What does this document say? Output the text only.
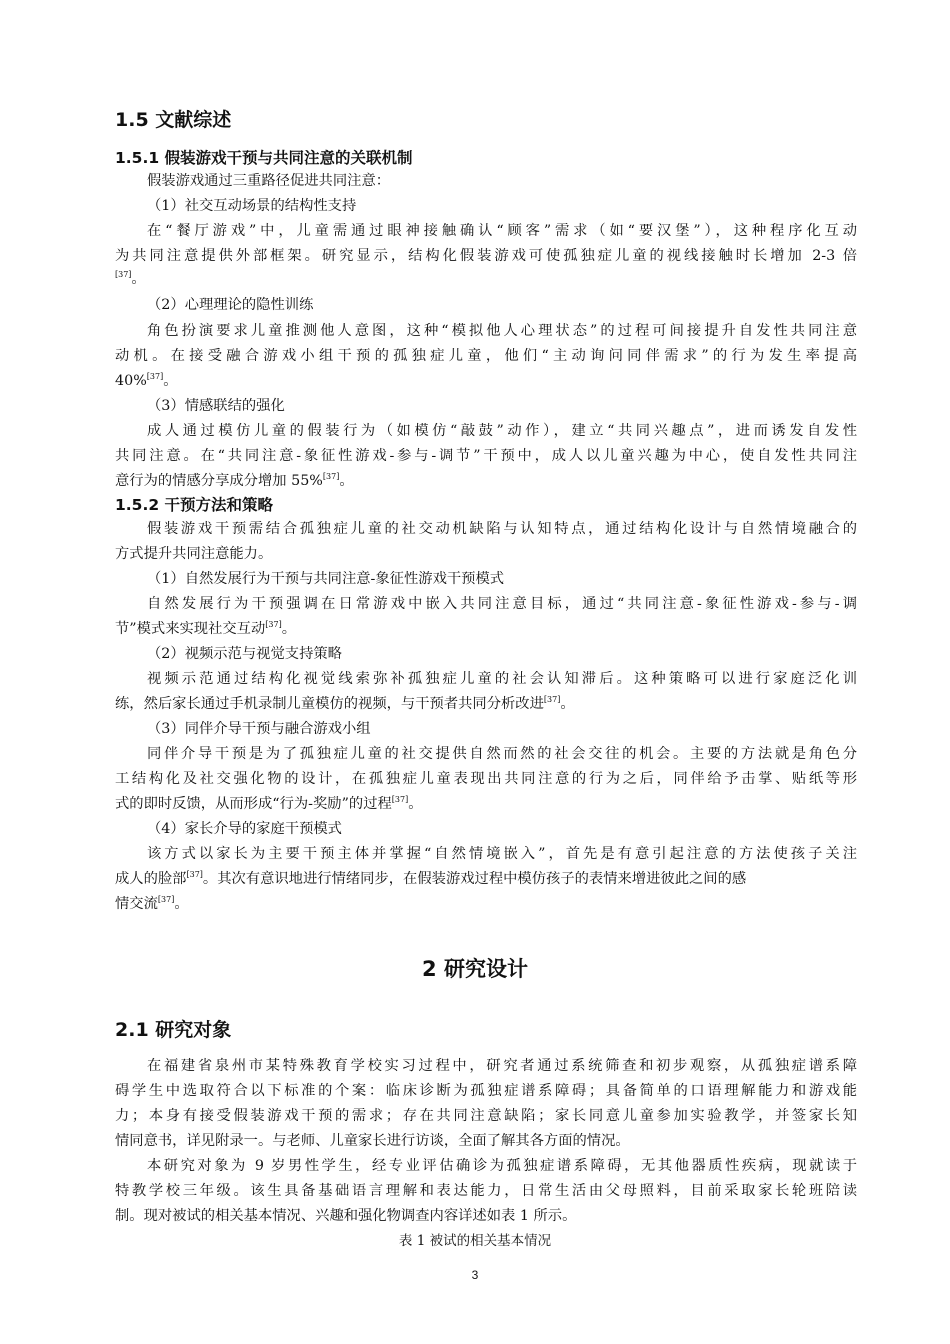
1.5 文献综述
1.5.1 假装游戏干预与共同注意的关联机制
假装游戏通过三重路径促进共同注意：
（1）社交互动场景的结构性支持
在“餐厅游戏”中，儿童需通过眼神接触确认“顾客”需求（如“要汉堡”），这种程序化互动
为共同注意提供外部框架。研究显示，结构化假装游戏可使孤独症儿童的视线接触时长增加 2-3 倍
[37]。
（2）心理理论的隐性训练
角色扮演要求儿童推测他人意图，这种“模拟他人心理状态”的过程可间接提升自发性共同注意
动机。在接受融合游戏小组干预的孤独症儿童，他们“主动询问同伴需求”的行为发生率提高
40%[37]。
（3）情感联结的强化
成人通过模仿儿童的假装行为（如模仿“敲鼓”动作），建立“共同兴趣点”，进而诱发自发性
共同注意。在“共同注意-象征性游戏-参与-调节”干预中，成人以儿童兴趣为中心，使自发性共同注
意行为的情感分享成分增加 55%[37]。
1.5.2 干预方法和策略
假装游戏干预需结合孤独症儿童的社交动机缺陷与认知特点，通过结构化设计与自然情境融合的
方式提升共同注意能力。
（1）自然发展行为干预与共同注意-象征性游戏干预模式
自然发展行为干预强调在日常游戏中嵌入共同注意目标，通过“共同注意-象征性游戏-参与-调
节”模式来实现社交互动[37]。
（2）视频示范与视觉支持策略
视频示范通过结构化视觉线索弥补孤独症儿童的社会认知滞后。这种策略可以进行家庭泛化训
练，然后家长通过手机录制儿童模仿的视频，与干预者共同分析改进[37]。
（3）同伴介导干预与融合游戏小组
同伴介导干预是为了孤独症儿童的社交提供自然而然的社会交往的机会。主要的方法就是角色分
工结构化及社交强化物的设计，在孤独症儿童表现出共同注意的行为之后，同伴给予击掌、贴纸等形
式的即时反馈，从而形成“行为-奖励”的过程[37]。
（4）家长介导的家庭干预模式
该方式以家长为主要干预主体并掌握“自然情境嵌入”，首先是有意引起注意的方法使孩子关注
成人的脸部[37]。其次有意识地进行情绪同步，在假装游戏过程中模仿孩子的表情来增进彼此之间的感
情交流[37]。
2 研究设计
2.1 研究对象
在福建省泉州市某特殊教育学校实习过程中，研究者通过系统筛查和初步观察，从孤独症谱系障
碍学生中选取符合以下标准的个案：临床诊断为孤独症谱系障碍；具备简单的口语理解能力和游戏能
力；本身有接受假装游戏干预的需求；存在共同注意缺陷；家长同意儿童参加实验教学，并签家长知
情同意书，详见附录一。与老师、儿童家长进行访谈，全面了解其各方面的情况。
本研究对象为 9 岁男性学生，经专业评估确诊为孤独症谱系障碍，无其他器质性疾病，现就读于
特教学校三年级。该生具备基础语言理解和表达能力，日常生活由父母照料，目前采取家长轮班陪读
制。现对被试的相关基本情况、兴趣和强化物调查内容详述如表 1 所示。
表 1 被试的相关基本情况
3
